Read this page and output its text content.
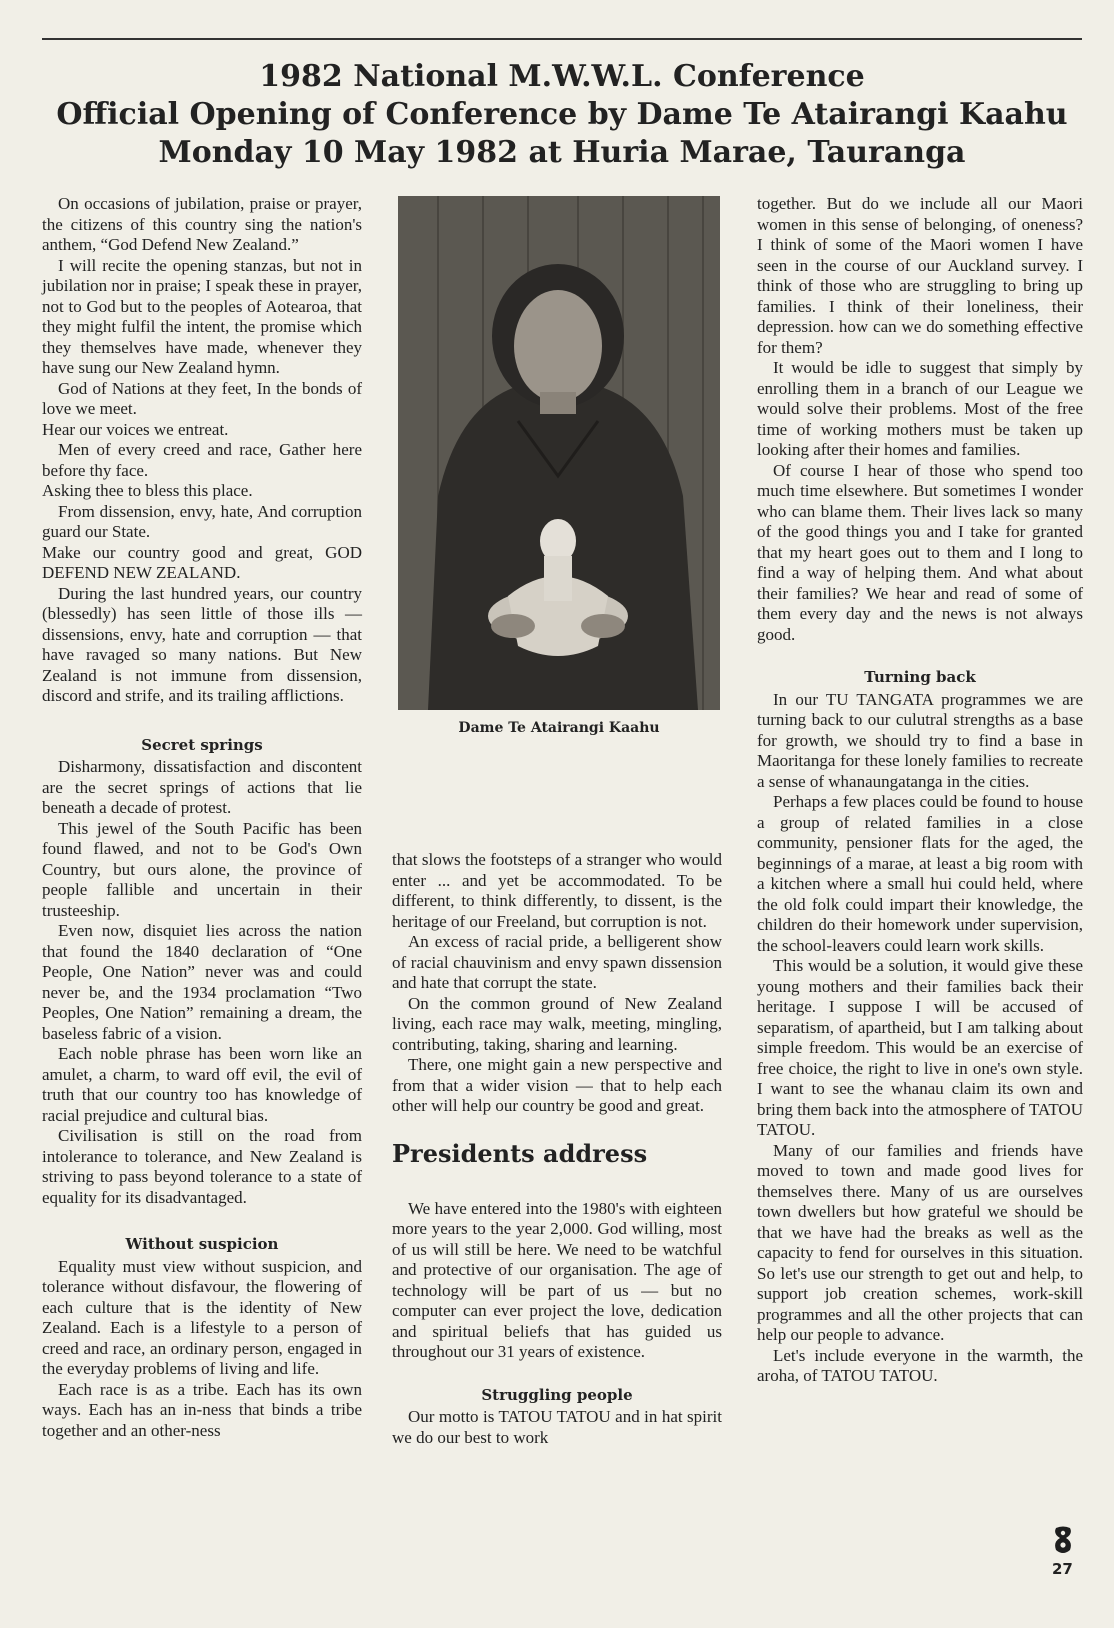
1982 National M.W.W.L. Conference
Official Opening of Conference by Dame Te Atairangi Kaahu
Monday 10 May 1982 at Huria Marae, Tauranga

On occasions of jubilation, praise or prayer, the citizens of this country sing the nation's anthem, “God Defend New Zealand.”

I will recite the opening stanzas, but not in jubilation nor in praise; I speak these in prayer, not to God but to the peoples of Aotearoa, that they might fulfil the intent, the promise which they themselves have made, whenever they have sung our New Zealand hymn.

God of Nations at they feet, In the bonds of love we meet.

Hear our voices we entreat.

Men of every creed and race, Gather here before thy face.

Asking thee to bless this place.

From dissension, envy, hate, And corruption guard our State.

Make our country good and great, GOD DEFEND NEW ZEALAND.

During the last hundred years, our country (blessedly) has seen little of those ills — dissensions, envy, hate and corruption — that have ravaged so many nations. But New Zealand is not immune from dissension, discord and strife, and its trailing afflictions.

Secret springs

Disharmony, dissatisfaction and discontent are the secret springs of actions that lie beneath a decade of protest.

This jewel of the South Pacific has been found flawed, and not to be God's Own Country, but ours alone, the province of people fallible and uncertain in their trusteeship.

Even now, disquiet lies across the nation that found the 1840 declaration of “One People, One Nation” never was and could never be, and the 1934 proclamation “Two Peoples, One Nation” remaining a dream, the baseless fabric of a vision.

Each noble phrase has been worn like an amulet, a charm, to ward off evil, the evil of truth that our country too has knowledge of racial prejudice and cultural bias.

Civilisation is still on the road from intolerance to tolerance, and New Zealand is striving to pass beyond tolerance to a state of equality for its disadvantaged.

Without suspicion

Equality must view without suspicion, and tolerance without disfavour, the flowering of each culture that is the identity of New Zealand. Each is a lifestyle to a person of creed and race, an ordinary person, engaged in the everyday problems of living and life.

Each race is as a tribe. Each has its own ways. Each has an in-ness that binds a tribe together and an other-ness

Dame Te Atairangi Kaahu

that slows the footsteps of a stranger who would enter ... and yet be accommodated. To be different, to think differently, to dissent, is the heritage of our Freeland, but corruption is not.

An excess of racial pride, a belligerent show of racial chauvinism and envy spawn dissension and hate that corrupt the state.

On the common ground of New Zealand living, each race may walk, meeting, mingling, contributing, taking, sharing and learning.

There, one might gain a new perspective and from that a wider vision — that to help each other will help our country be good and great.

Presidents address

We have entered into the 1980's with eighteen more years to the year 2,000. God willing, most of us will still be here. We need to be watchful and protective of our organisation. The age of technology will be part of us — but no computer can ever project the love, dedication and spiritual beliefs that has guided us throughout our 31 years of existence.

Struggling people

Our motto is TATOU TATOU and in hat spirit we do our best to work

together. But do we include all our Maori women in this sense of belonging, of oneness? I think of some of the Maori women I have seen in the course of our Auckland survey. I think of those who are struggling to bring up families. I think of their loneliness, their depression. how can we do something effective for them?

It would be idle to suggest that simply by enrolling them in a branch of our League we would solve their problems. Most of the free time of working mothers must be taken up looking after their homes and families.

Of course I hear of those who spend too much time elsewhere. But sometimes I wonder who can blame them. Their lives lack so many of the good things you and I take for granted that my heart goes out to them and I long to find a way of helping them. And what about their families? We hear and read of some of them every day and the news is not always good.

Turning back

In our TU TANGATA programmes we are turning back to our culutral strengths as a base for growth, we should try to find a base in Maoritanga for these lonely families to recreate a sense of whanaungatanga in the cities.

Perhaps a few places could be found to house a group of related families in a close community, pensioner flats for the aged, the beginnings of a marae, at least a big room with a kitchen where a small hui could held, where the old folk could impart their knowledge, the children do their homework under supervision, the school-leavers could learn work skills.

This would be a solution, it would give these young mothers and their families back their heritage. I suppose I will be accused of separatism, of apartheid, but I am talking about simple freedom. This would be an exercise of free choice, the right to live in one's own style. I want to see the whanau claim its own and bring them back into the atmosphere of TATOU TATOU.

Many of our families and friends have moved to town and made good lives for themselves there. Many of us are ourselves town dwellers but how grateful we should be that we have had the breaks as well as the capacity to fend for ourselves in this situation. So let's use our strength to get out and help, to support job creation schemes, work-skill programmes and all the other projects that can help our people to advance.

Let's include everyone in the warmth, the aroha, of TATOU TATOU.

27
